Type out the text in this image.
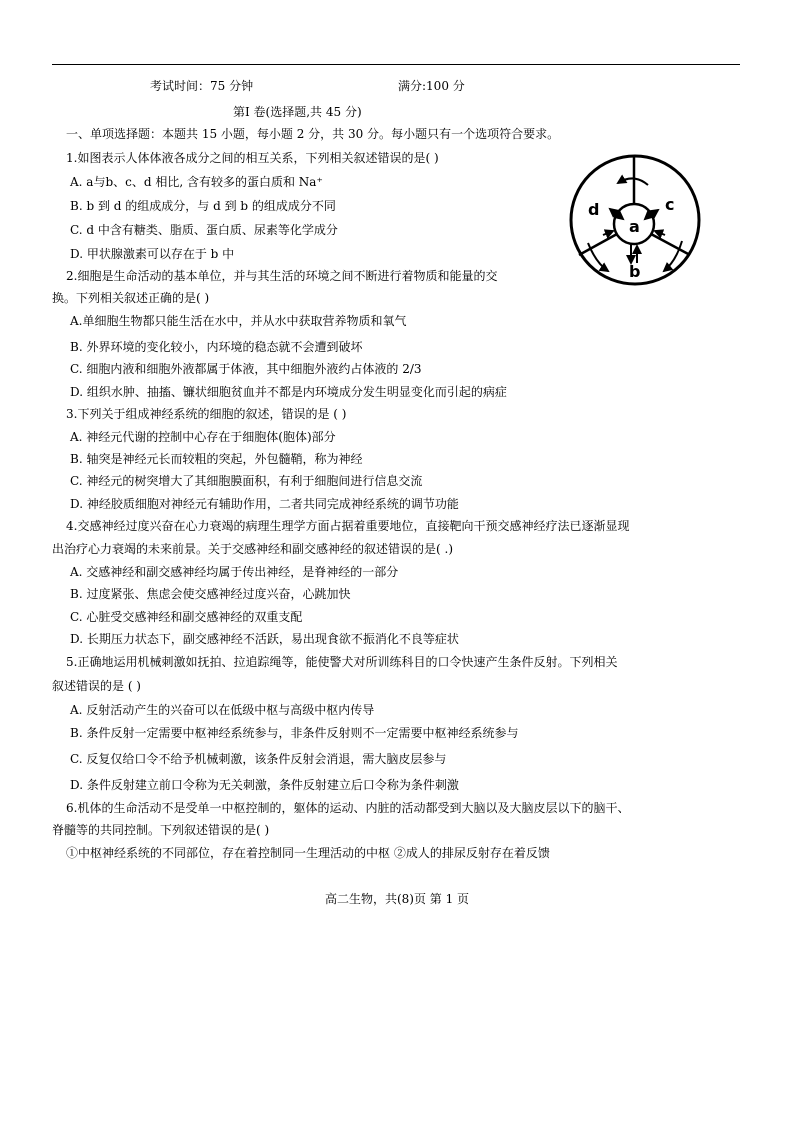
考试时间：75 分钟	满分:100 分
第Ⅰ 卷(选择题,共 45 分)
一、单项选择题：本题共 15 小题，每小题 2 分，共 30 分。每小题只有一个选项符合要求。
1.如图表示人体体液各成分之间的相互关系，下列相关叙述错误的是( )
A. a与b、c、d 相比, 含有较多的蛋白质和 Na⁺
B. b 到 d 的组成成分，与 d 到 b 的组成成分不同
C. d 中含有糖类、脂质、蛋白质、尿素等化学成分
D. 甲状腺激素可以存在于 b 中
2.细胞是生命活动的基本单位，并与其生活的环境之间不断进行着物质和能量的交
换。下列相关叙述正确的是( )
A.单细胞生物都只能生活在水中，并从水中获取营养物质和氧气
B. 外界环境的变化较小，内环境的稳态就不会遭到破坏
C. 细胞内液和细胞外液都属于体液，其中细胞外液约占体液的 2/3
D. 组织水肿、抽搐、镰状细胞贫血并不都是内环境成分发生明显变化而引起的病症
3.下列关于组成神经系统的细胞的叙述，错误的是 ( )
A. 神经元代谢的控制中心存在于细胞体(胞体)部分
B. 轴突是神经元长而较粗的突起，外包髓鞘，称为神经
C. 神经元的树突增大了其细胞膜面积，有利于细胞间进行信息交流
D. 神经胶质细胞对神经元有辅助作用，二者共同完成神经系统的调节功能
4.交感神经过度兴奋在心力衰竭的病理生理学方面占据着重要地位，直接靶向干预交感神经疗法已逐渐显现
出治疗心力衰竭的未来前景。关于交感神经和副交感神经的叙述错误的是( .)
A. 交感神经和副交感神经均属于传出神经，是脊神经的一部分
B. 过度紧张、焦虑会使交感神经过度兴奋，心跳加快
C. 心脏受交感神经和副交感神经的双重支配
D. 长期压力状态下，副交感神经不活跃，易出现食欲不振消化不良等症状
5.正确地运用机械刺激如抚拍、拉追踪绳等，能使警犬对所训练科目的口令快速产生条件反射。下列相关
叙述错误的是 ( )
A. 反射活动产生的兴奋可以在低级中枢与高级中枢内传导
B. 条件反射一定需要中枢神经系统参与，非条件反射则不一定需要中枢神经系统参与
C. 反复仅给口令不给予机械刺激，该条件反射会消退，需大脑皮层参与
D. 条件反射建立前口令称为无关刺激，条件反射建立后口令称为条件刺激
6.机体的生命活动不是受单一中枢控制的，躯体的运动、内脏的活动都受到大脑以及大脑皮层以下的脑干、
脊髓等的共同控制。下列叙述错误的是( )
①中枢神经系统的不同部位，存在着控制同一生理活动的中枢 ②成人的排尿反射存在着反馈
a
b
c
d
高二生物，共(8)页 第 1 页
